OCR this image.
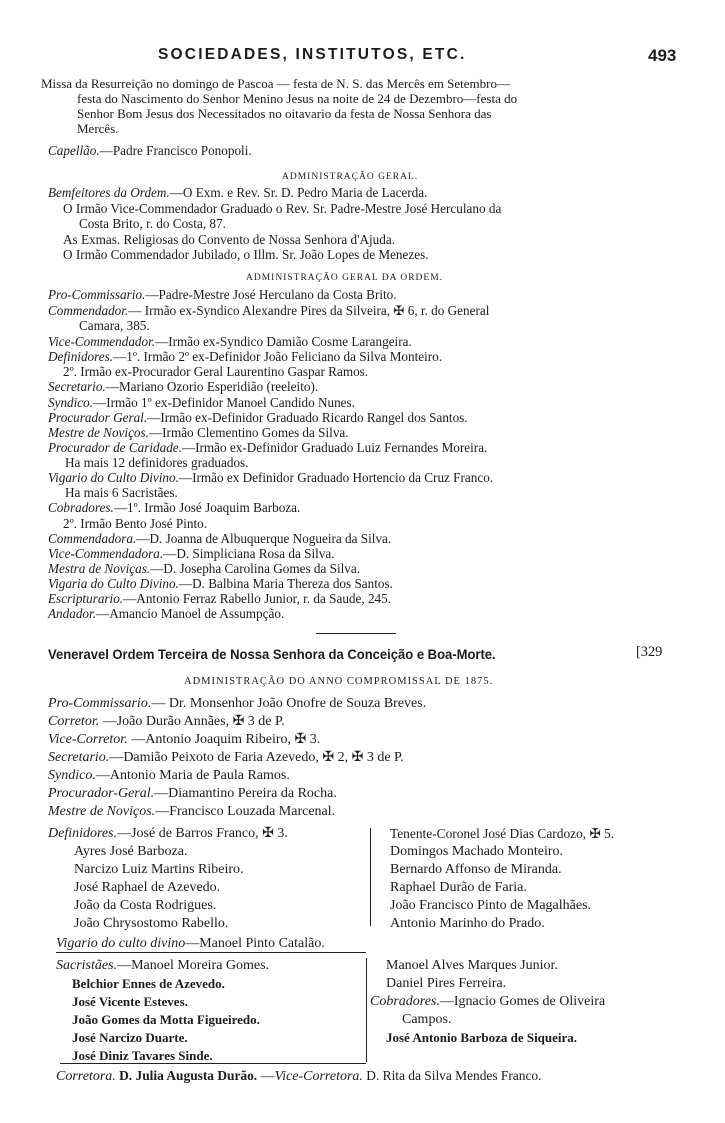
SOCIEDADES, INSTITUTOS, ETC.	493
Missa da Resurreição no domingo de Pascoa — festa de N. S. das Mercês em Setembro—
festa do Nascimento do Senhor Menino Jesus na noite de 24 de Dezembro—festa do
Senhor Bom Jesus dos Necessitados no oitavario da festa de Nossa Senhora das
Mercês.
Capellão.—Padre Francisco Ponopoli.
ADMINISTRAÇÃO GERAL.
Bemfeitores da Ordem.—O Exm. e Rev. Sr. D. Pedro Maria de Lacerda.
O Irmão Vice-Commendador Graduado o Rev. Sr. Padre-Mestre José Herculano da
Costa Brito, r. do Costa, 87.
As Exmas. Religiosas do Convento de Nossa Senhora d'Ajuda.
O Irmão Commendador Jubilado, o Illm. Sr. João Lopes de Menezes.
ADMINISTRAÇÃO GERAL DA ORDEM.
Pro-Commissario.—Padre-Mestre José Herculano da Costa Brito.
Commendador.— Irmão ex-Syndico Alexandre Pires da Silveira, ✠ 6, r. do General
Camara, 385.
Vice-Commendador.—Irmão ex-Syndico Damião Cosme Larangeira.
Definidores.—1º. Irmão 2º ex-Definidor João Feliciano da Silva Monteiro.
2º. Irmão ex-Procurador Geral Laurentino Gaspar Ramos.
Secretario.—Mariano Ozorio Esperidião (reeleito).
Syndico.—Irmão 1º ex-Definidor Manoel Candido Nunes.
Procurador Geral.—Irmão ex-Definidor Graduado Ricardo Rangel dos Santos.
Mestre de Noviços.—Irmão Clementino Gomes da Silva.
Procurador de Caridade.—Irmão ex-Definidor Graduado Luiz Fernandes Moreira.
Ha mais 12 definidores graduados.
Vigario do Culto Divino.—Irmão ex Definidor Graduado Hortencio da Cruz Franco.
Ha mais 6 Sacristães.
Cobradores.—1º. Irmão José Joaquim Barboza.
2º. Irmão Bento José Pinto.
Commendadora.—D. Joanna de Albuquerque Nogueira da Silva.
Vice-Commendadora.—D. Simpliciana Rosa da Silva.
Mestra de Noviças.—D. Josepha Carolina Gomes da Silva.
Vigaria do Culto Divino.—D. Balbina Maria Thereza dos Santos.
Escripturario.—Antonio Ferraz Rabello Junior, r. da Saude, 245.
Andador.—Amancio Manoel de Assumpção.
Veneravel Ordem Terceira de Nossa Senhora da Conceição e Boa-Morte.	[329
ADMINISTRAÇÃO DO ANNO COMPROMISSAL DE 1875.
Pro-Commissario.— Dr. Monsenhor João Onofre de Souza Breves.
Corretor. —João Durão Annães, ✠ 3 de P.
Vice-Corretor. —Antonio Joaquim Ribeiro, ✠ 3.
Secretario.—Damião Peixoto de Faria Azevedo, ✠ 2, ✠ 3 de P.
Syndico.—Antonio Maria de Paula Ramos.
Procurador-Geral.—Diamantino Pereira da Rocha.
Mestre de Noviços.—Francisco Louzada Marcenal.
Definidores.—José de Barros Franco, ✠ 3.
Ayres José Barboza.
Narcizo Luiz Martins Ribeiro.
José Raphael de Azevedo.
João da Costa Rodrigues.
João Chrysostomo Rabello.
Tenente-Coronel José Dias Cardozo, ✠ 5.
Domingos Machado Monteiro.
Bernardo Affonso de Miranda.
Raphael Durão de Faria.
João Francisco Pinto de Magalhães.
Antonio Marinho do Prado.
Vigario do culto divino—Manoel Pinto Catalão.
Sacristães.—Manoel Moreira Gomes.
Belchior Ennes de Azevedo.
José Vicente Esteves.
João Gomes da Motta Figueiredo.
José Narcizo Duarte.
José Diniz Tavares Sinde.
Manoel Alves Marques Junior.
Daniel Pires Ferreira.
Cobradores.—Ignacio Gomes de Oliveira
Campos.
José Antonio Barboza de Siqueira.
Corretora. D. Julia Augusta Durão. —Vice-Corretora. D. Rita da Silva Mendes Franco.
